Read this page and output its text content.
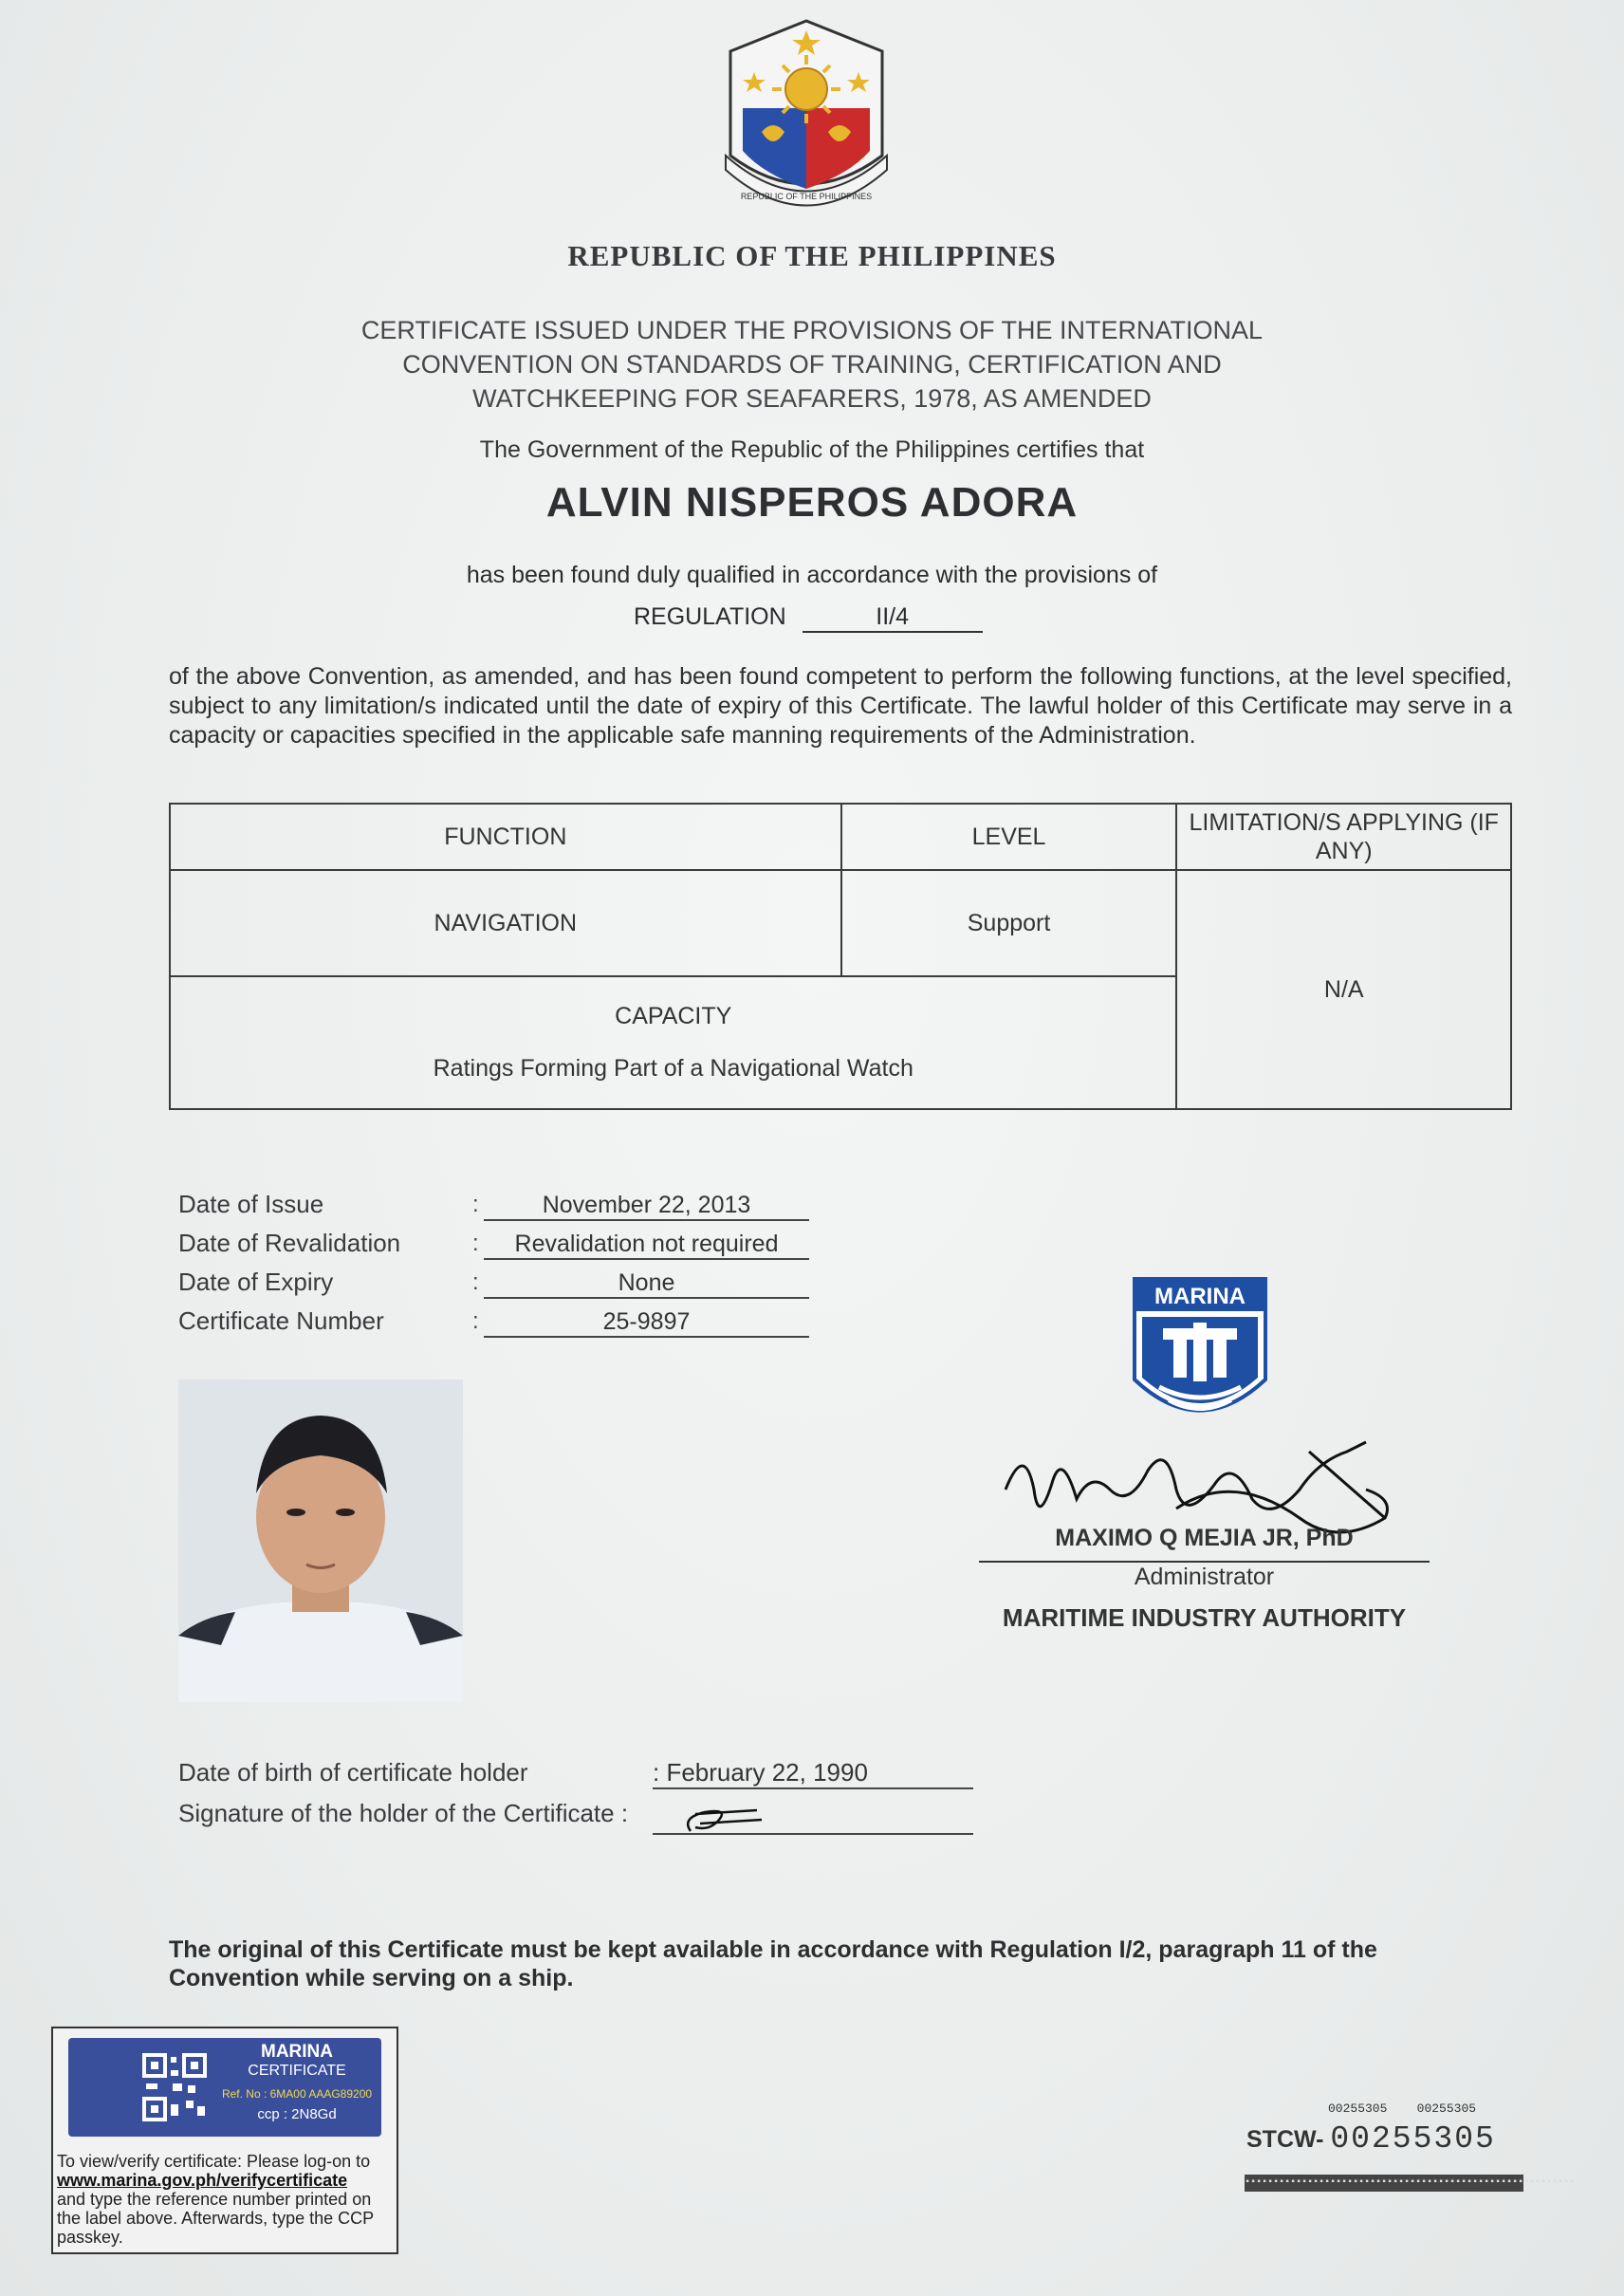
REPUBLIC OF THE PHILIPPINES
REPUBLIC OF THE PHILIPPINES
CERTIFICATE ISSUED UNDER THE PROVISIONS OF THE INTERNATIONAL
CONVENTION ON STANDARDS OF TRAINING, CERTIFICATION AND
WATCHKEEPING FOR SEAFARERS, 1978, AS AMENDED
The Government of the Republic of the Philippines certifies that
ALVIN NISPEROS ADORA
has been found duly qualified in accordance with the provisions of
REGULATION	II/4
of the above Convention, as amended, and has been found competent to perform the following functions, at the level specified, subject to any limitation/s indicated until the date of expiry of this Certificate. The lawful holder of this Certificate may serve in a capacity or capacities specified in the applicable safe manning requirements of the Administration.
FUNCTION	LEVEL	LIMITATION/S APPLYING (IF ANY)
NAVIGATION	Support	N/A

CAPACITY
Ratings Forming Part of a Navigational Watch		
Date of Issue	:	November 22, 2013
Date of Revalidation	:	Revalidation not required
Date of Expiry	:	None
Certificate Number	:	25-9897
MARINA
MAXIMO Q MEJIA JR, PhD
Administrator
MARITIME INDUSTRY AUTHORITY
Date of birth of certificate holder	: February 22, 1990
Signature of the holder of the Certificate :
The original of this Certificate must be kept available in accordance with Regulation I/2, paragraph 11 of the Convention while serving on a ship.
MARINA
CERTIFICATE
Ref. No : 6MA00 AAAG89200
ccp : 2N8Gd
To view/verify certificate: Please log-on to
www.marina.gov.ph/verifycertificate
and type the reference number printed on the label above. Afterwards, type the CCP passkey.
00255305 00255305
STCW- 00255305
▪▪▪▪▪▪▪▪▪▪▪▪▪▪▪▪▪▪▪▪▪▪▪▪▪▪▪▪▪▪▪▪▪▪▪▪▪▪▪▪▪▪▪▪▪▪▪▪▪▪▪▪▪▪▪▪▪▪
